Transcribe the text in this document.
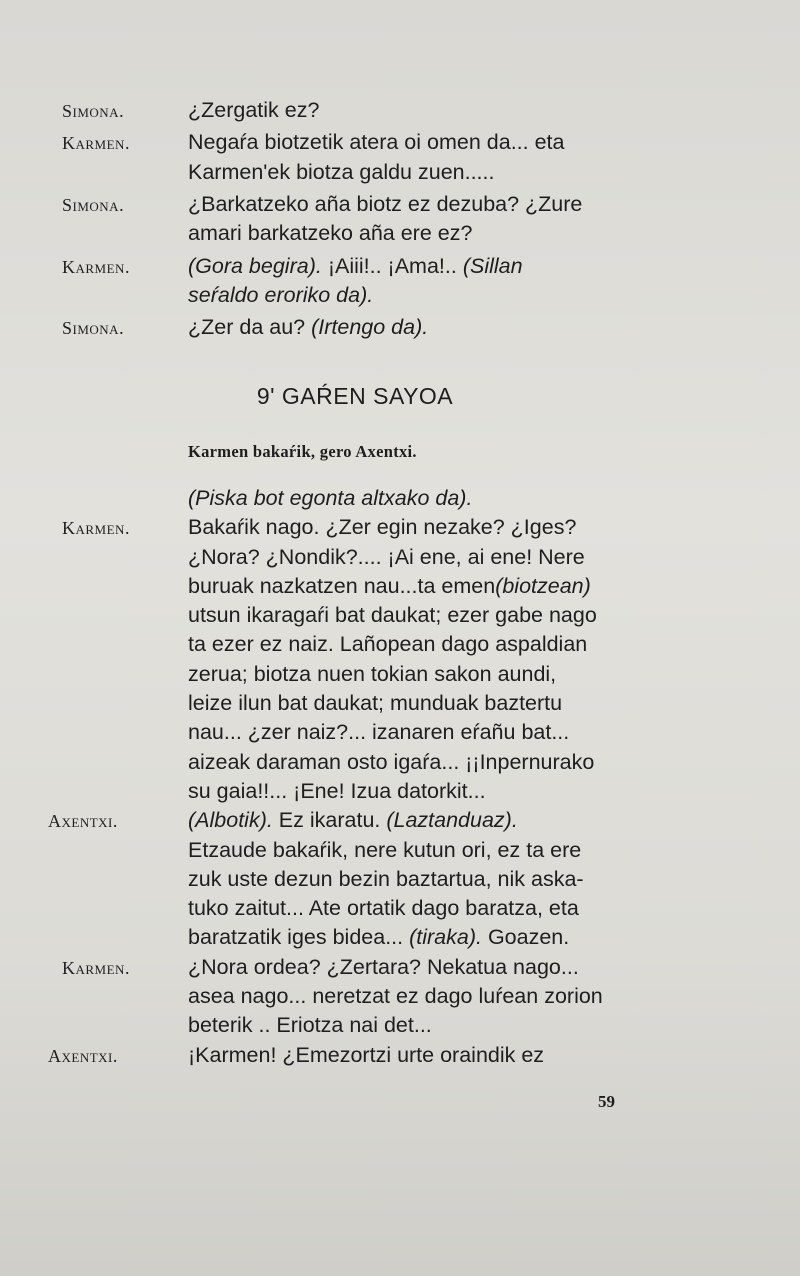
Simona.	¿Zergatik ez?

Karmen.	Negaŕa biotzetik atera oi omen da... eta

Karmen'ek biotza galdu zuen.....

Simona.	¿Barkatzeko aña biotz ez dezuba? ¿Zure

amari barkatzeko aña ere ez?

Karmen.	(Gora begira). ¡Aiii!.. ¡Ama!.. (Sillan

seŕaldo eroriko da).

Simona.	¿Zer da au? (Irtengo da).

9' GAŔEN SAYOA
Karmen bakaŕik, gero Axentxi.

(Piska bot egonta altxako da).

Karmen.	Bakaŕik nago. ¿Zer egin nezake? ¿Iges?

¿Nora? ¿Nondik?.... ¡Ai ene, ai ene! Nere

buruak nazkatzen nau...ta emen(biotzean)

utsun ikaragaŕi bat daukat; ezer gabe nago

ta ezer ez naiz. Lañopean dago aspaldian

zerua; biotza nuen tokian sakon aundi,

leize ilun bat daukat; munduak baztertu

nau... ¿zer naiz?... izanaren eŕañu bat...

aizeak daraman osto igaŕa... ¡¡Inpernurako

su gaia!!... ¡Ene! Izua datorkit...

Axentxi.	(Albotik). Ez ikaratu. (Laztanduaz).

Etzaude bakaŕik, nere kutun ori, ez ta ere

zuk uste dezun bezin baztartua, nik aska-

tuko zaitut... Ate ortatik dago baratza, eta

baratzatik iges bidea... (tiraka). Goazen.

Karmen.	¿Nora ordea? ¿Zertara? Nekatua nago...

asea nago... neretzat ez dago luŕean zorion

beterik .. Eriotza nai det...

Axentxi.	¡Karmen! ¿Emezortzi urte oraindik ez

59
